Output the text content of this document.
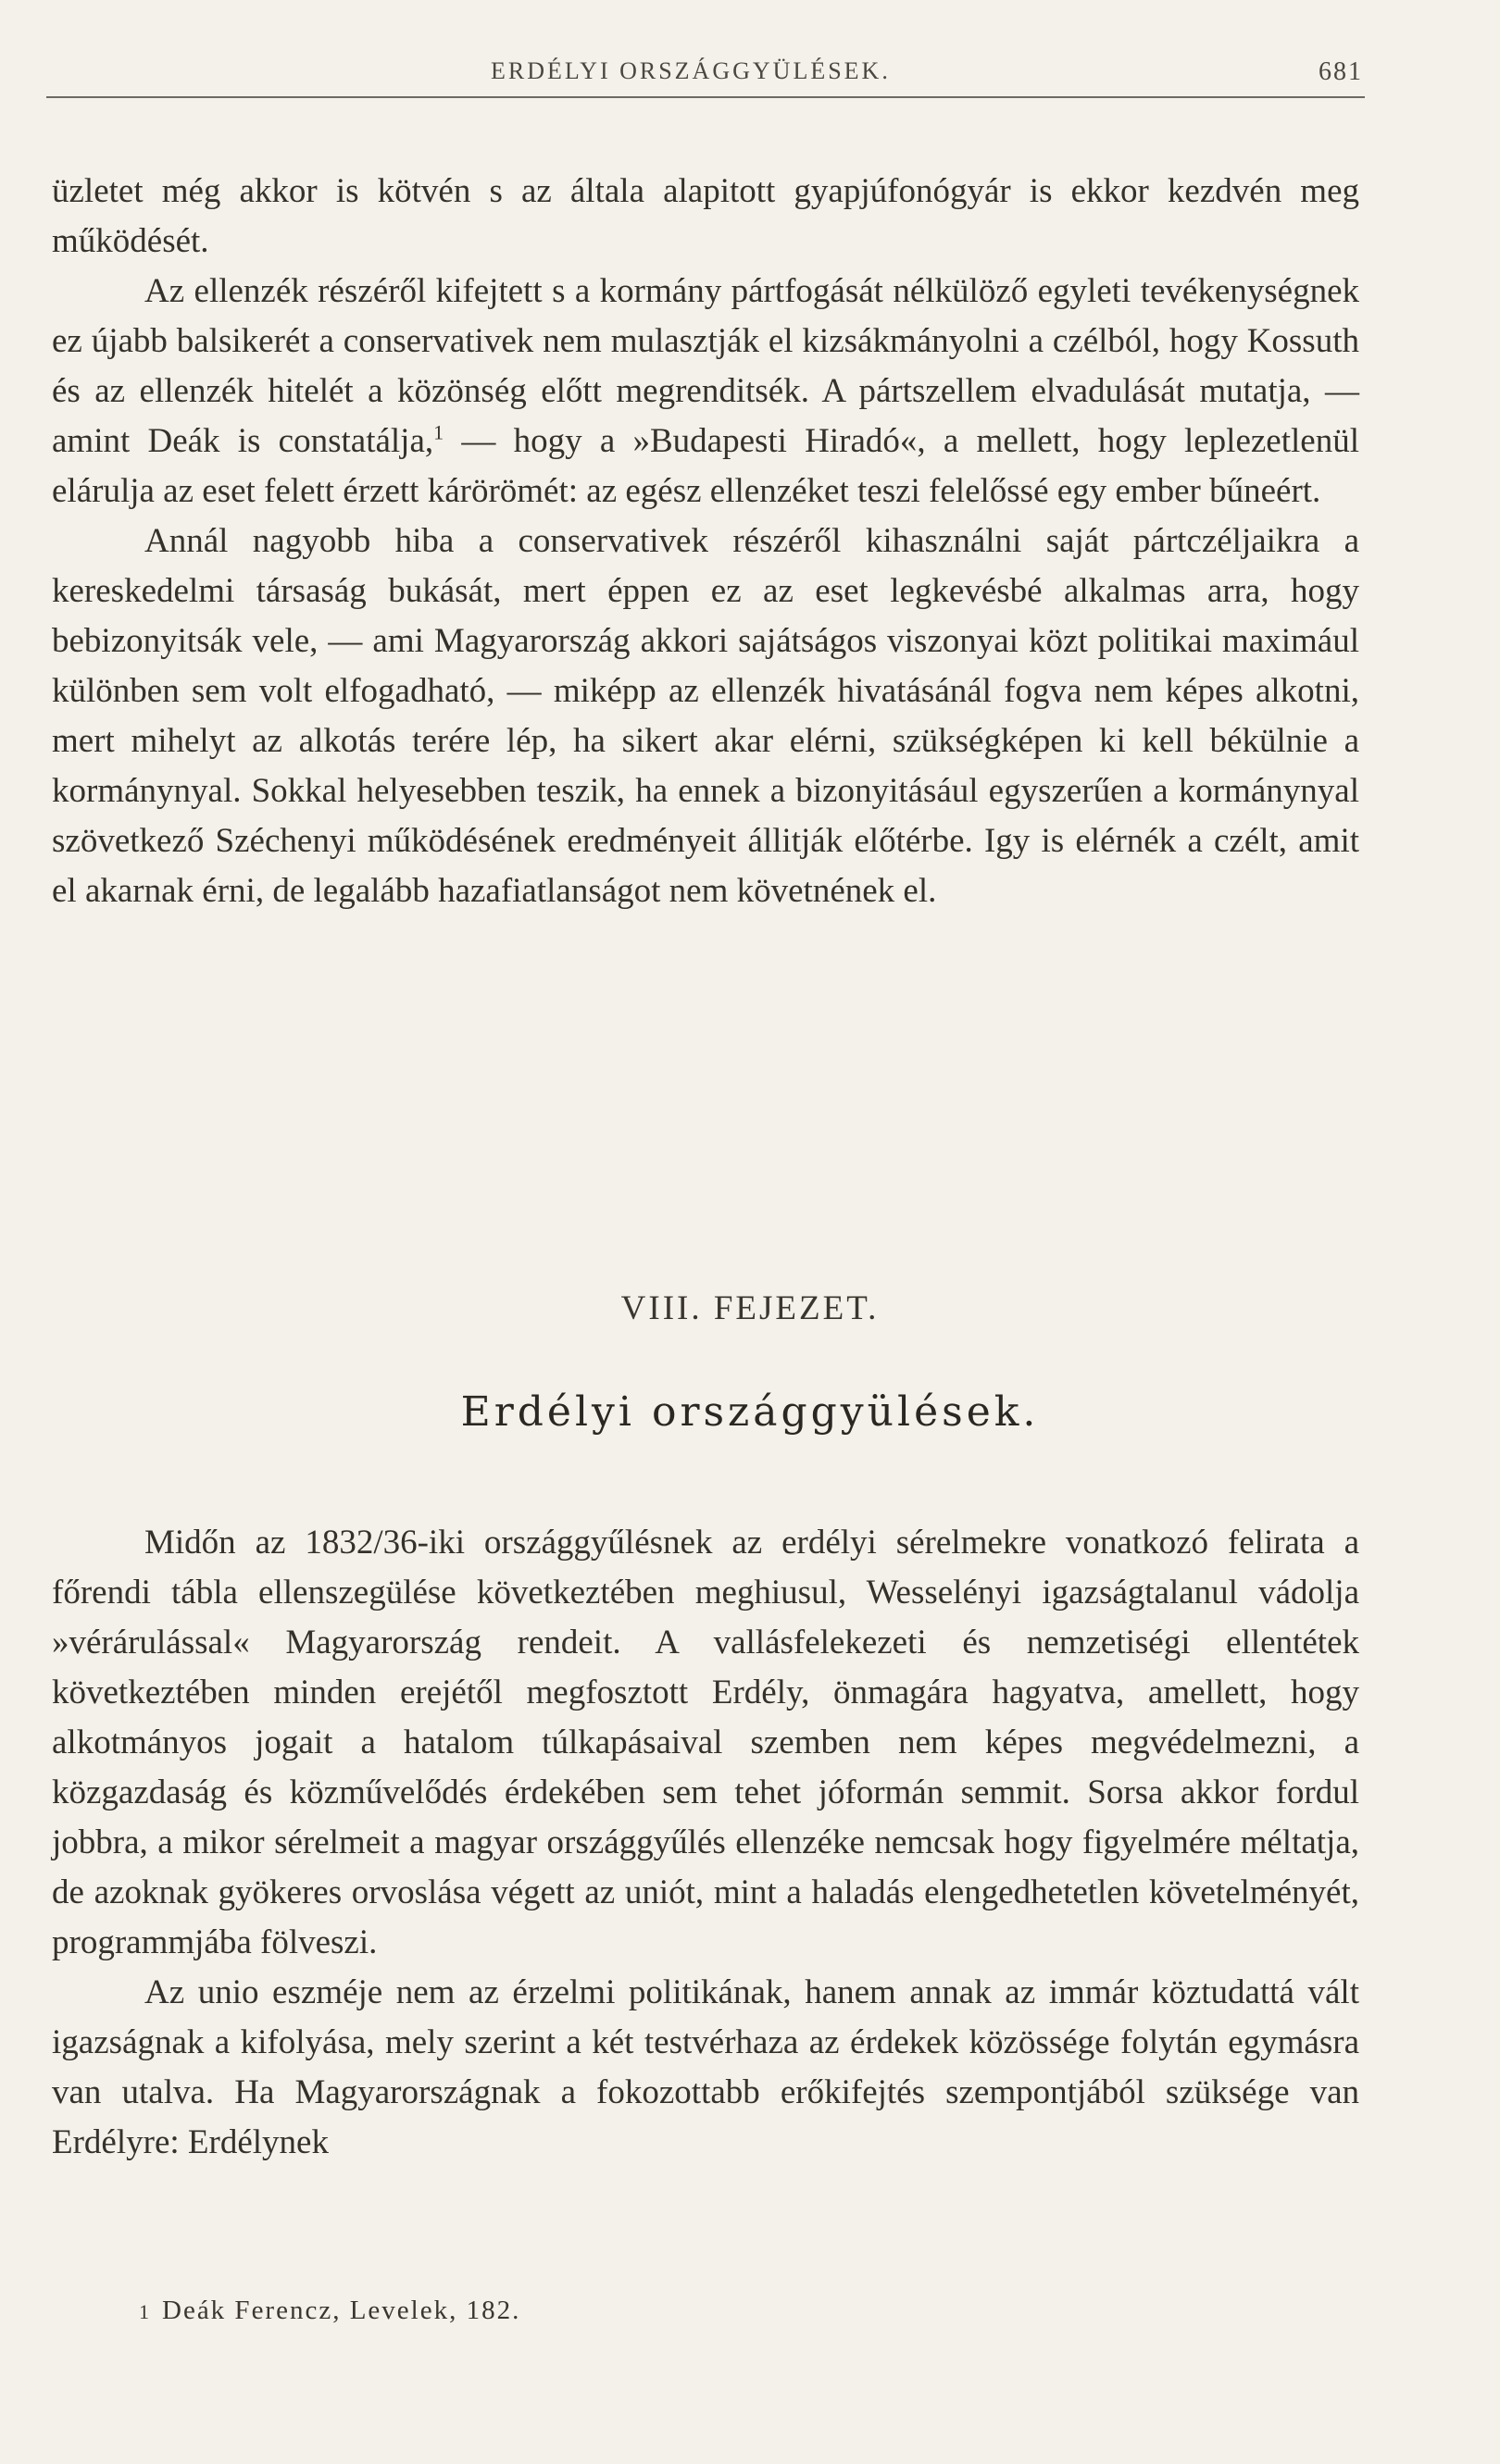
ERDÉLYI ORSZÁGGYÜLÉSEK.	681

üzletet még akkor is kötvén s az általa alapitott gyapjúfonógyár is ekkor kezdvén meg működését.

Az ellenzék részéről kifejtett s a kormány pártfogását nélkülöző egyleti tevékenységnek ez újabb balsikerét a conservativek nem mulasztják el kizsákmányolni a czélból, hogy Kossuth és az ellenzék hitelét a közönség előtt megrenditsék. A pártszellem elvadulását mutatja, — amint Deák is constatálja,$^1$ — hogy a »Budapesti Hiradó«, a mellett, hogy leplezetlenül elárulja az eset felett érzett kárörömét: az egész ellenzéket teszi felelőssé egy ember bűneért.

Annál nagyobb hiba a conservativek részéről kihasználni saját pártczéljaikra a kereskedelmi társaság bukását, mert éppen ez az eset legkevésbé alkalmas arra, hogy bebizonyitsák vele, — ami Magyarország akkori sajátságos viszonyai közt politikai maximául különben sem volt elfogadható, — miképp az ellenzék hivatásánál fogva nem képes alkotni, mert mihelyt az alkotás terére lép, ha sikert akar elérni, szükségképen ki kell békülnie a kormánynyal. Sokkal helyesebben teszik, ha ennek a bizonyitásául egyszerűen a kormánynyal szövetkező Széchenyi működésének eredményeit állitják előtérbe. Igy is elérnék a czélt, amit el akarnak érni, de legalább hazafiatlanságot nem követnének el.

VIII. FEJEZET.
Erdélyi országgyülések.

Midőn az 1832/36-iki országgyűlésnek az erdélyi sérelmekre vonatkozó felirata a főrendi tábla ellenszegülése következtében meghiusul, Wesselényi igazságtalanul vádolja »vérárulással« Magyarország rendeit. A vallásfelekezeti és nemzetiségi ellentétek következtében minden erejétől megfosztott Erdély, önmagára hagyatva, amellett, hogy alkotmányos jogait a hatalom túlkapásaival szemben nem képes megvédelmezni, a közgazdaság és közművelődés érdekében sem tehet jóformán semmit. Sorsa akkor fordul jobbra, a mikor sérelmeit a magyar országgyűlés ellenzéke nemcsak hogy figyelmére méltatja, de azoknak gyökeres orvoslása végett az uniót, mint a haladás elengedhetetlen követelményét, programmjába fölveszi.

Az unio eszméje nem az érzelmi politikának, hanem annak az immár köztudattá vált igazságnak a kifolyása, mely szerint a két testvérhaza az érdekek közössége folytán egymásra van utalva. Ha Magyarországnak a fokozottabb erőkifejtés szempontjából szüksége van Erdélyre: Erdélynek

1 Deák Ferencz, Levelek, 182.
